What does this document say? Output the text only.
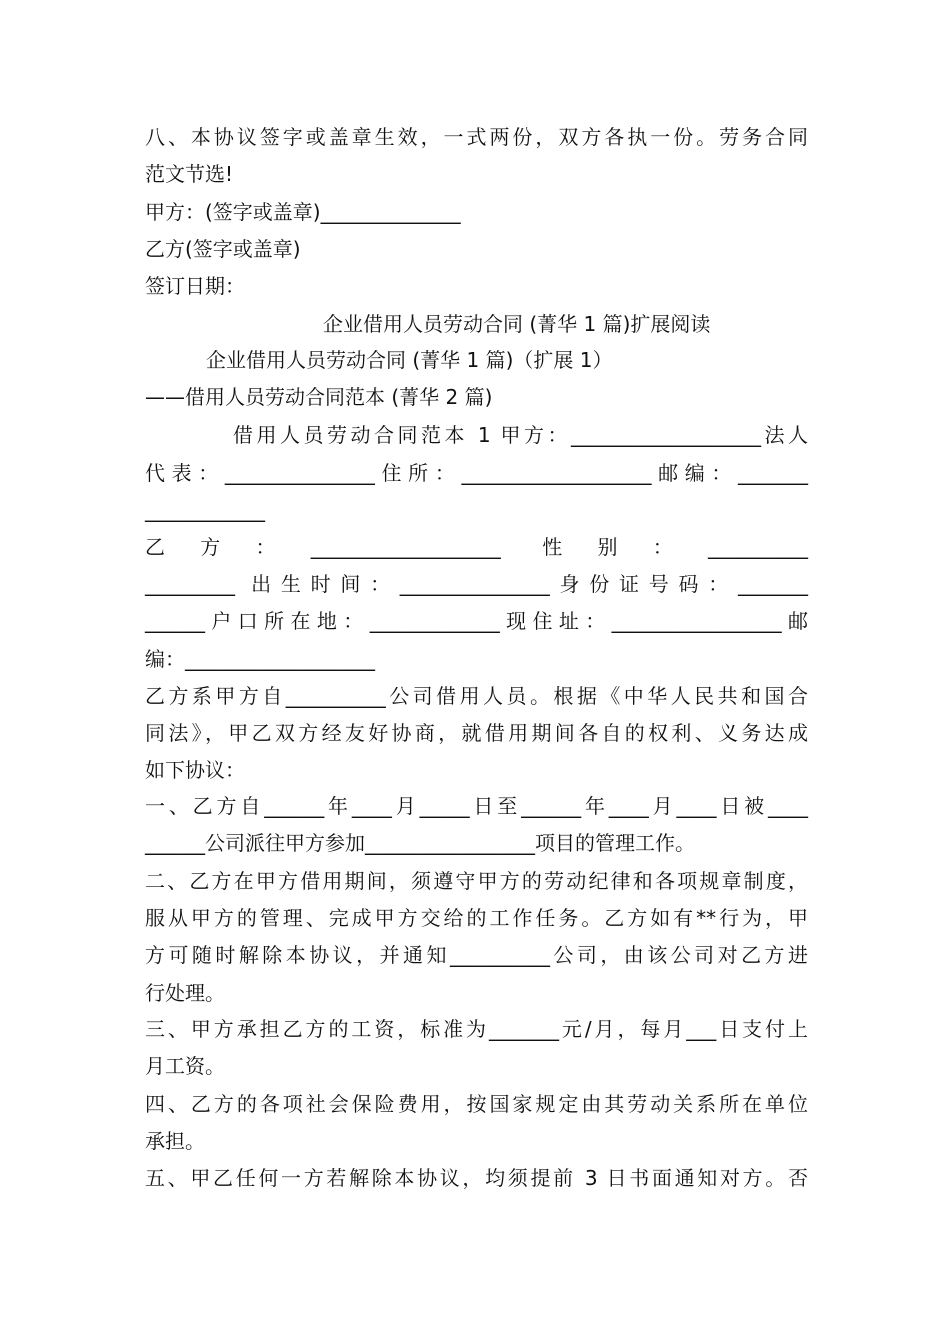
八、本协议签字或盖章生效，一式两份，双方各执一份。劳务合同
范文节选!
甲方：(签字或盖章)______________
乙方(签字或盖章)
签订日期：
企业借用人员劳动合同 (菁华 1 篇)扩展阅读
企业借用人员劳动合同 (菁华 1 篇)（扩展 1）
——借用人员劳动合同范本 (菁华 2 篇)
借用人员劳动合同范本 1 甲方：___________________法人
代表：_______________住所：___________________邮编：_______
____________
乙方：___________________ 性别：__________
_________ 出生时间：_______________身份证号码：_______
______户口所在地：_____________现住址：_________________邮
编：___________________
乙方系甲方自__________公司借用人员。根据《中华人民共和国合
同法》，甲乙双方经友好协商，就借用期间各自的权利、义务达成
如下协议：
一、乙方自______年____月_____日至______年____月____日被____
______公司派往甲方参加_________________项目的管理工作。
二、乙方在甲方借用期间，须遵守甲方的劳动纪律和各项规章制度，
服从甲方的管理、完成甲方交给的工作任务。乙方如有**行为，甲
方可随时解除本协议，并通知__________公司，由该公司对乙方进
行处理。
三、甲方承担乙方的工资，标准为_______元/月，每月___日支付上
月工资。
四、乙方的各项社会保险费用，按国家规定由其劳动关系所在单位
承担。
五、甲乙任何一方若解除本协议，均须提前 3 日书面通知对方。否
